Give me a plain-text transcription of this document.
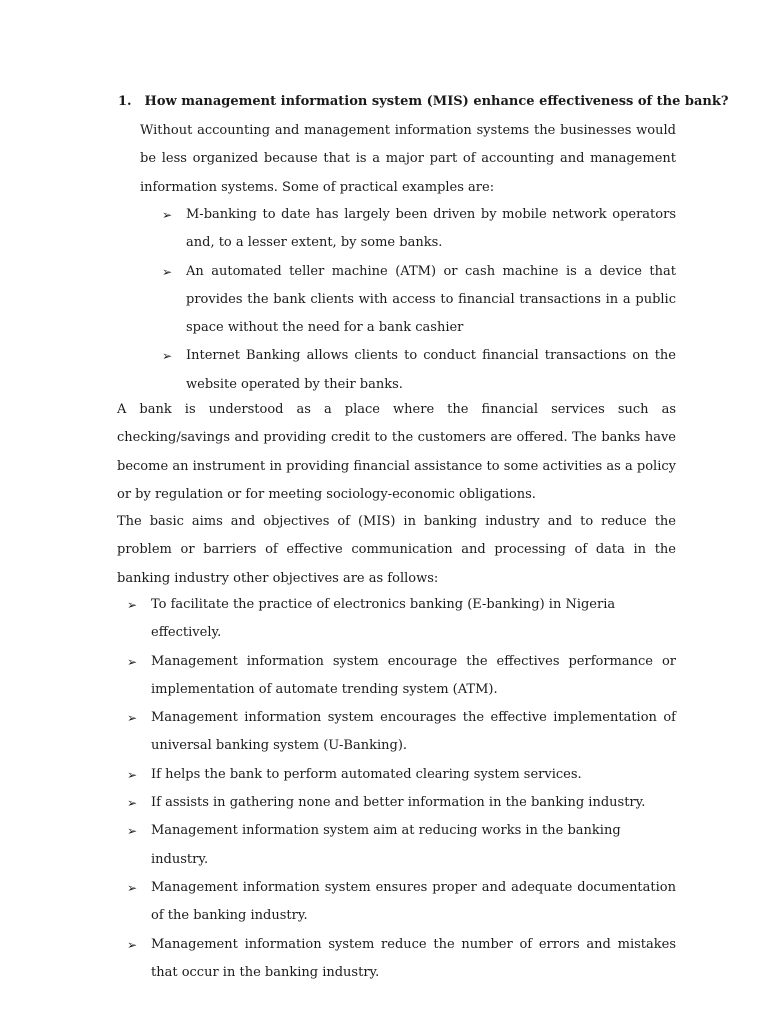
1. How management information system (MIS) enhance effectiveness of the bank?
Without accounting and management information systems the businesses would be less organized because that is a major part of accounting and management information systems. Some of practical examples are:
➢ M-banking to date has largely been driven by mobile network operators and, to a lesser extent, by some banks.
➢ An automated teller machine (ATM) or cash machine is a device that provides the bank clients with access to financial transactions in a public space without the need for a bank cashier
➢ Internet Banking allows clients to conduct financial transactions on the website operated by their banks.
A bank is understood as a place where the financial services such as checking/savings and providing credit to the customers are offered. The banks have become an instrument in providing financial assistance to some activities as a policy or by regulation or for meeting sociology-economic obligations.
The basic aims and objectives of (MIS) in banking industry and to reduce the problem or barriers of effective communication and processing of data in the banking industry other objectives are as follows:
➢ To facilitate the practice of electronics banking (E-banking) in Nigeria effectively.
➢ Management information system encourage the effectives performance or implementation of automate trending system (ATM).
➢ Management information system encourages the effective implementation of universal banking system (U-Banking).
➢ If helps the bank to perform automated clearing system services.
➢ If assists in gathering none and better information in the banking industry.
➢ Management information system aim at reducing works in the banking industry.
➢ Management information system ensures proper and adequate documentation of the banking industry.
➢ Management information system reduce the number of errors and mistakes that occur in the banking industry.
